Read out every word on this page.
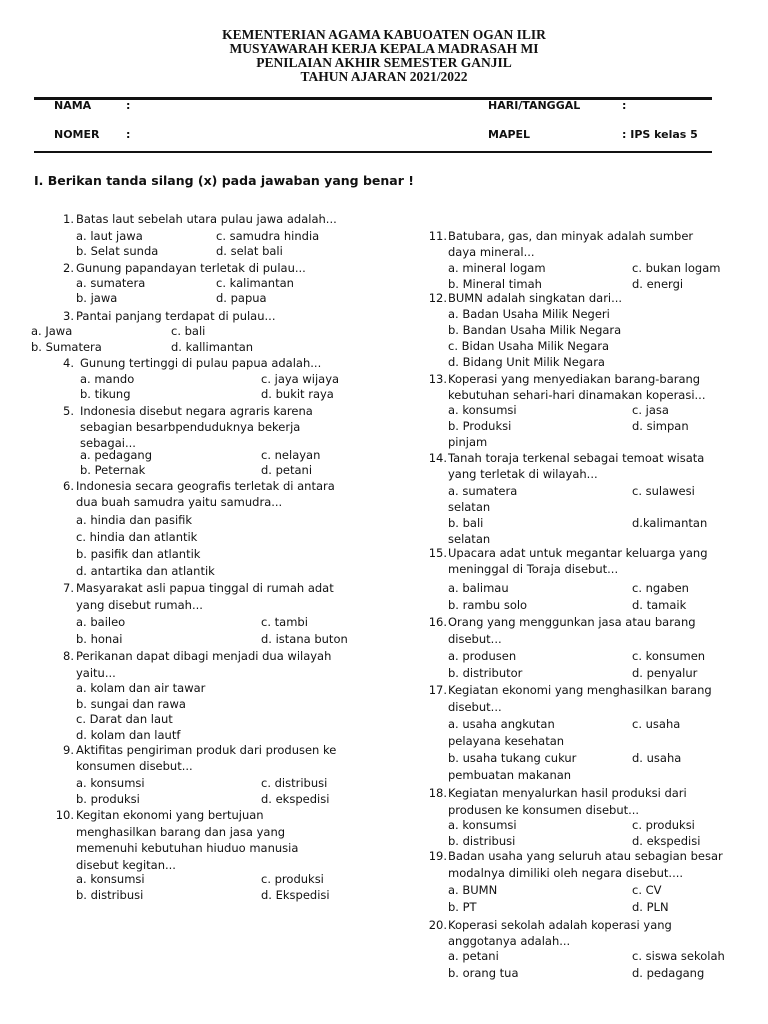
KEMENTERIAN AGAMA KABUOATEN OGAN ILIR
MUSYAWARAH KERJA KEPALA MADRASAH MI
PENILAIAN AKHIR SEMESTER GANJIL
TAHUN AJARAN 2021/2022
NAMA	:	HARI/TANGGAL	:
NOMER :	MAPEL	: IPS kelas 5
I. Berikan tanda silang (x) pada jawaban yang benar !
1. Batas laut sebelah utara pulau jawa adalah...
a. laut jawa	c. samudra hindia
b. Selat sunda	d. selat bali
2. Gunung papandayan terletak di pulau...
a. sumatera	c. kalimantan
b. jawa	d. papua
3. Pantai panjang terdapat di pulau...
a. Jawa	c. bali
b. Sumatera	d. kallimantan
4. Gunung tertinggi di pulau papua adalah...
a. mando	c. jaya wijaya
b. tikung	d. bukit raya
5. Indonesia disebut negara agraris karena
sebagian besarbpenduduknya bekerja
sebagai...
a. pedagang	c. nelayan
b. Peternak	d. petani
6. Indonesia secara geografis terletak di antara
dua buah samudra yaitu samudra...
a. hindia dan pasifik
c. hindia dan atlantik
b. pasifik dan atlantik
d. antartika dan atlantik
7. Masyarakat asli papua tinggal di rumah adat
yang disebut rumah...
a. baileo	c. tambi
b. honai	d. istana buton
8. Perikanan dapat dibagi menjadi dua wilayah
yaitu...
a. kolam dan air tawar
b. sungai dan rawa
c. Darat dan laut
d. kolam dan lautf
9. Aktifitas pengiriman produk dari produsen ke
konsumen disebut...
a. konsumsi	c. distribusi
b. produksi	d. ekspedisi
10. Kegitan ekonomi yang bertujuan
menghasilkan barang dan jasa yang
memenuhi kebutuhan hiuduo manusia
disebut kegitan...
a. konsumsi	c. produksi
b. distribusi	d. Ekspedisi
11. Batubara, gas, dan minyak adalah sumber
daya mineral...
a. mineral logam	c. bukan logam
b. Mineral timah	d. energi
12. BUMN adalah singkatan dari...
a. Badan Usaha Milik Negeri
b. Bandan Usaha Milik Negara
c. Bidan Usaha Milik Negara
d. Bidang Unit Milik Negara
13. Koperasi yang menyediakan barang-barang
kebutuhan sehari-hari dinamakan koperasi...
a. konsumsi	c. jasa
b. Produksi	d. simpan
pinjam
14. Tanah toraja terkenal sebagai temoat wisata
yang terletak di wilayah...
a. sumatera	c. sulawesi
selatan
b. bali	d.kalimantan
selatan
15. Upacara adat untuk megantar keluarga yang
meninggal di Toraja disebut...
a. balimau	c. ngaben
b. rambu solo	d. tamaik
16. Orang yang menggunkan jasa atau barang
disebut...
a. produsen	c. konsumen
b. distributor	d. penyalur
17. Kegiatan ekonomi yang menghasilkan barang
disebut...
a. usaha angkutan	c. usaha
pelayana kesehatan
b. usaha tukang cukur	d. usaha
pembuatan makanan
18. Kegiatan menyalurkan hasil produksi dari
produsen ke konsumen disebut...
a. konsumsi	c. produksi
b. distribusi	d. ekspedisi
19. Badan usaha yang seluruh atau sebagian besar
modalnya dimiliki oleh negara disebut....
a. BUMN	c. CV
b. PT	d. PLN
20. Koperasi sekolah adalah koperasi yang
anggotanya adalah...
a. petani	c. siswa sekolah
b. orang tua	d. pedagang
